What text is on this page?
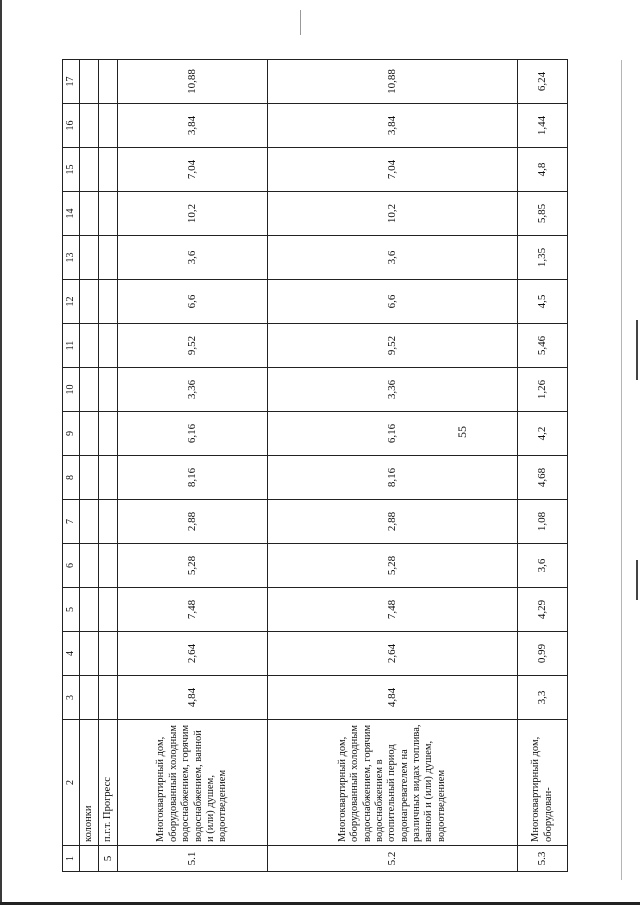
55
1	2	3	4	5	6	7	8	9	10	11	12	13	14	15	16	17
	колонки															
5	п.г.т. Прогресс															
5.1	Многоквартирный дом, оборудованный холодным водоснабжением, горячим водоснабжением, ванной и (или) душем, водоотведением	4,84	2,64	7,48	5,28	2,88	8,16	6,16	3,36	9,52	6,6	3,6	10,2	7,04	3,84	10,88
5.2	Многоквартирный дом, оборудованный холодным водоснабжением, горячим водоснабжением в отопительный период водонагревателем на различных видах топлива, ванной и (или) душем, водоотведением	4,84	2,64	7,48	5,28	2,88	8,16	6,16	3,36	9,52	6,6	3,6	10,2	7,04	3,84	10,88
5.3	Многоквартирный дом, оборудован-	3,3	0,99	4,29	3,6	1,08	4,68	4,2	1,26	5,46	4,5	1,35	5,85	4,8	1,44	6,24
